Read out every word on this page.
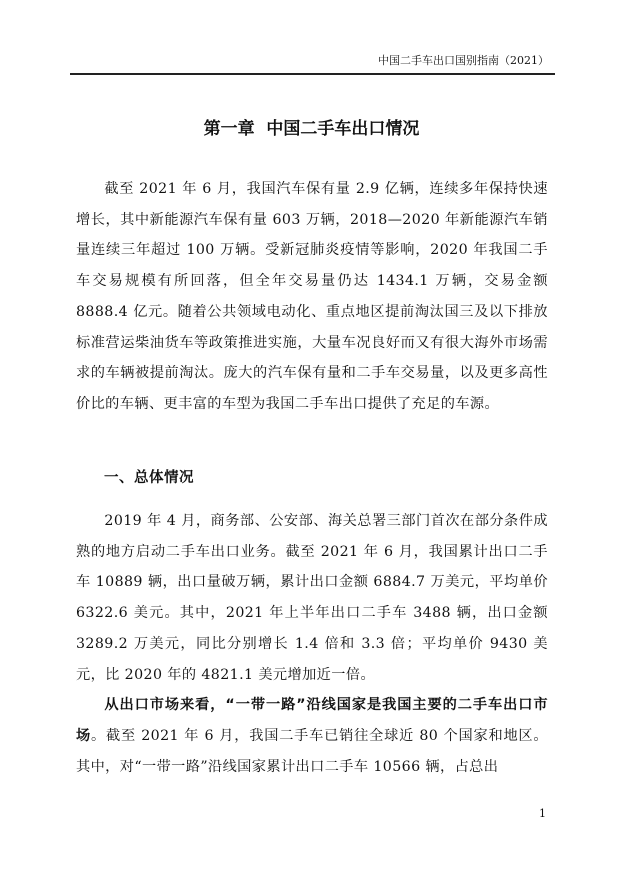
中国二手车出口国别指南（2021）
第一章  中国二手车出口情况

截至 2021 年 6 月，我国汽车保有量 2.9 亿辆，连续多年保持快速增长，其中新能源汽车保有量 603 万辆，2018—2020 年新能源汽车销量连续三年超过 100 万辆。受新冠肺炎疫情等影响，2020 年我国二手车交易规模有所回落，但全年交易量仍达 1434.1 万辆，交易金额 8888.4 亿元。随着公共领域电动化、重点地区提前淘汰国三及以下排放标准营运柴油货车等政策推进实施，大量车况良好而又有很大海外市场需求的车辆被提前淘汰。庞大的汽车保有量和二手车交易量，以及更多高性价比的车辆、更丰富的车型为我国二手车出口提供了充足的车源。

一、总体情况

2019 年 4 月，商务部、公安部、海关总署三部门首次在部分条件成熟的地方启动二手车出口业务。截至 2021 年 6 月，我国累计出口二手车 10889 辆，出口量破万辆，累计出口金额 6884.7 万美元，平均单价 6322.6 美元。其中，2021 年上半年出口二手车 3488 辆，出口金额 3289.2 万美元，同比分别增长 1.4 倍和 3.3 倍；平均单价 9430 美元，比 2020 年的 4821.1 美元增加近一倍。

从出口市场来看，“一带一路”沿线国家是我国主要的二手车出口市场。截至 2021 年 6 月，我国二手车已销往全球近 80 个国家和地区。其中，对“一带一路”沿线国家累计出口二手车 10566 辆，占总出

1
